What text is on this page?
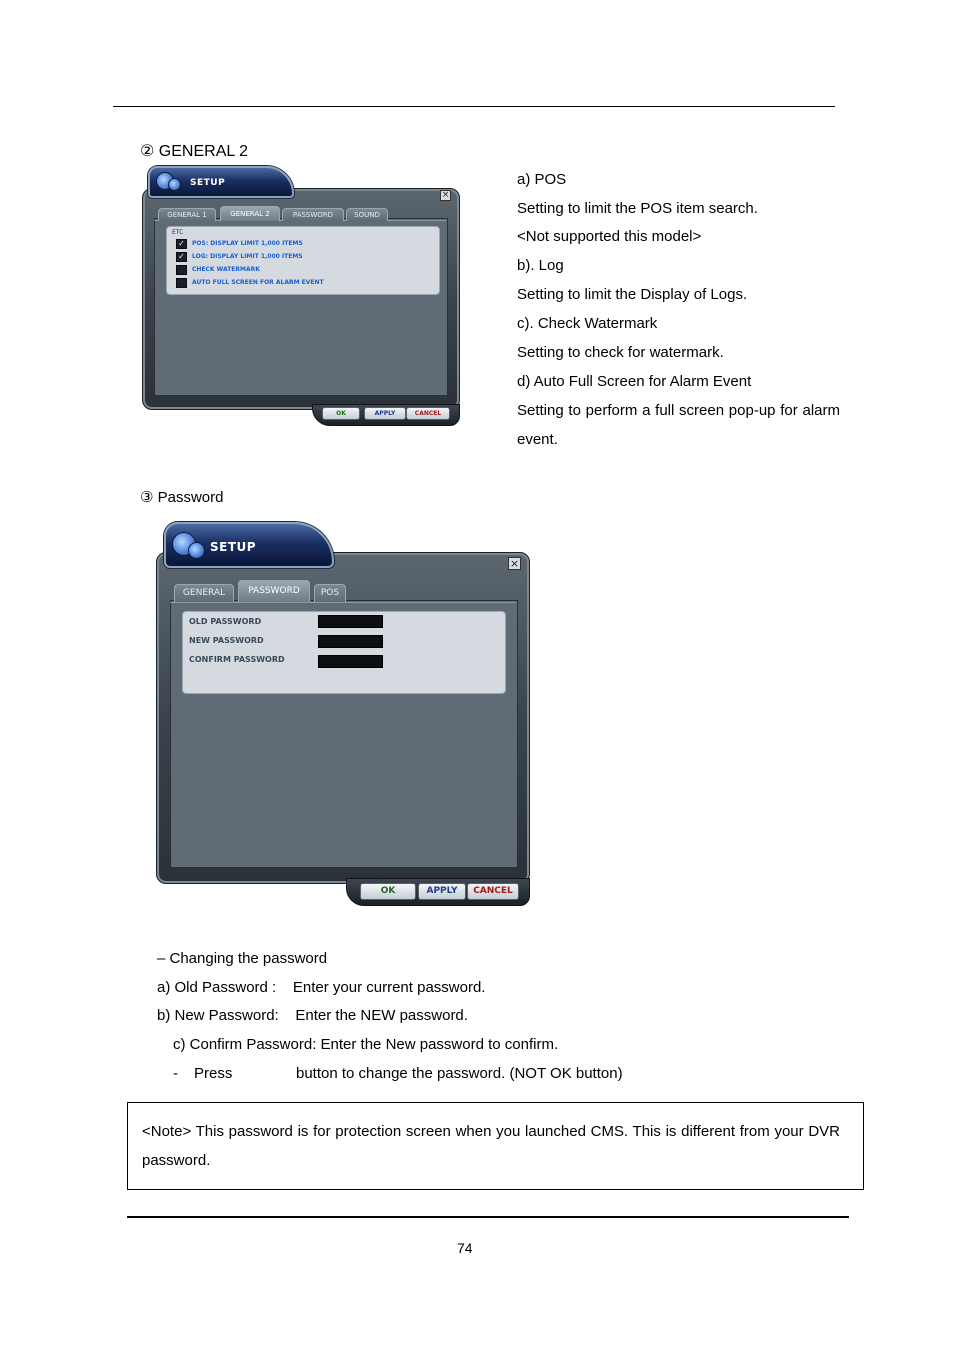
② GENERAL 2
SETUP
×
GENERAL 1	GENERAL 2	PASSWORD	SOUND
ETC
✓	POS: DISPLAY LIMIT 1,000 ITEMS
✓	LOG: DISPLAY LIMIT 1,000 ITEMS
CHECK WATERMARK
AUTO FULL SCREEN FOR ALARM EVENT
OK	APPLY	CANCEL
a) POS
Setting to limit the POS item search.
<Not supported this model>
b). Log
Setting to limit the Display of Logs.
c). Check Watermark
Setting to check for watermark.
d) Auto Full Screen for Alarm Event
Setting to perform a full screen pop-up for alarm event.
③ Password
SETUP
×
GENERAL	PASSWORD	POS
OLD PASSWORD
NEW PASSWORD
CONFIRM PASSWORD
OK	APPLY	CANCEL
– Changing the password
a) Old Password :    Enter your current password.
b) New Password:    Enter the NEW password.
c) Confirm Password: Enter the New password to confirm.
- Press	button to change the password. (NOT OK button)
<Note> This password is for protection screen when you launched CMS. This is different from your DVR password.
74
